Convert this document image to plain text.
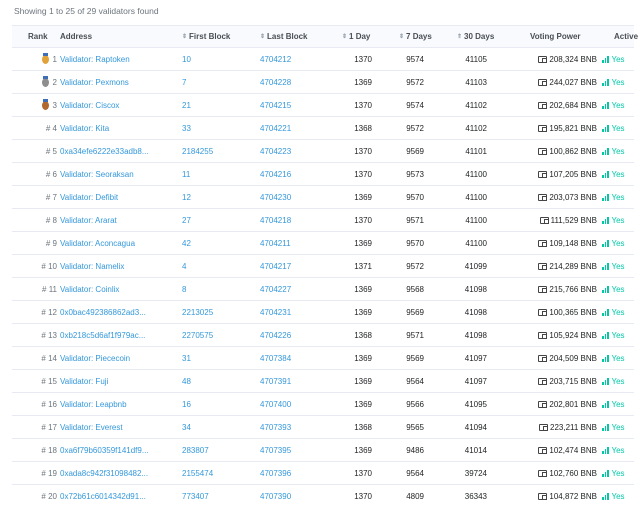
Showing 1 to 25 of 29 validators found
Rank	Address	⇕ First Block	⇕ Last Block	⇕ 1 Day	⇕ 7 Days	⇑ 30 Days	Voting Power	Active
1 Validator: Raptoken	10	4704212	1370	9574	41105	208,324 BNB Yes
2 Validator: Pexmons	7	4704228	1369	9572	41103	244,027 BNB Yes
3 Validator: Ciscox	21	4704215	1370	9574	41102	202,684 BNB Yes
# 4 Validator: Kita	33	4704221	1368	9572	41102	195,821 BNB Yes
# 5 0xa34efe6222e33adb8...	2184255	4704223	1370	9569	41101	100,862 BNB Yes
# 6 Validator: Seoraksan	11	4704216	1370	9573	41100	107,205 BNB Yes
# 7 Validator: Defibit	12	4704230	1369	9570	41100	203,073 BNB Yes
# 8 Validator: Ararat	27	4704218	1370	9571	41100	111,529 BNB Yes
# 9 Validator: Aconcagua	42	4704211	1369	9570	41100	109,148 BNB Yes
# 10 Validator: Namelix	4	4704217	1371	9572	41099	214,289 BNB Yes
# 11 Validator: Coinlix	8	4704227	1369	9568	41098	215,766 BNB Yes
# 12 0x0bac492386862ad3...	2213025	4704231	1369	9569	41098	100,365 BNB Yes
# 13 0xb218c5d6af1f979ac...	2270575	4704226	1368	9571	41098	105,924 BNB Yes
# 14 Validator: Piececoin	31	4707384	1369	9569	41097	204,509 BNB Yes
# 15 Validator: Fuji	48	4707391	1369	9564	41097	203,715 BNB Yes
# 16 Validator: Leapbnb	16	4707400	1369	9566	41095	202,801 BNB Yes
# 17 Validator: Everest	34	4707393	1368	9565	41094	223,211 BNB Yes
# 18 0xa6f79b60359f141df9...	283807	4707395	1369	9486	41014	102,474 BNB Yes
# 19 0xada8c942f31098482...	2155474	4707396	1370	9564	39724	102,760 BNB Yes
# 20 0x72b61c6014342d91...	773407	4707390	1370	4809	36343	104,872 BNB Yes
